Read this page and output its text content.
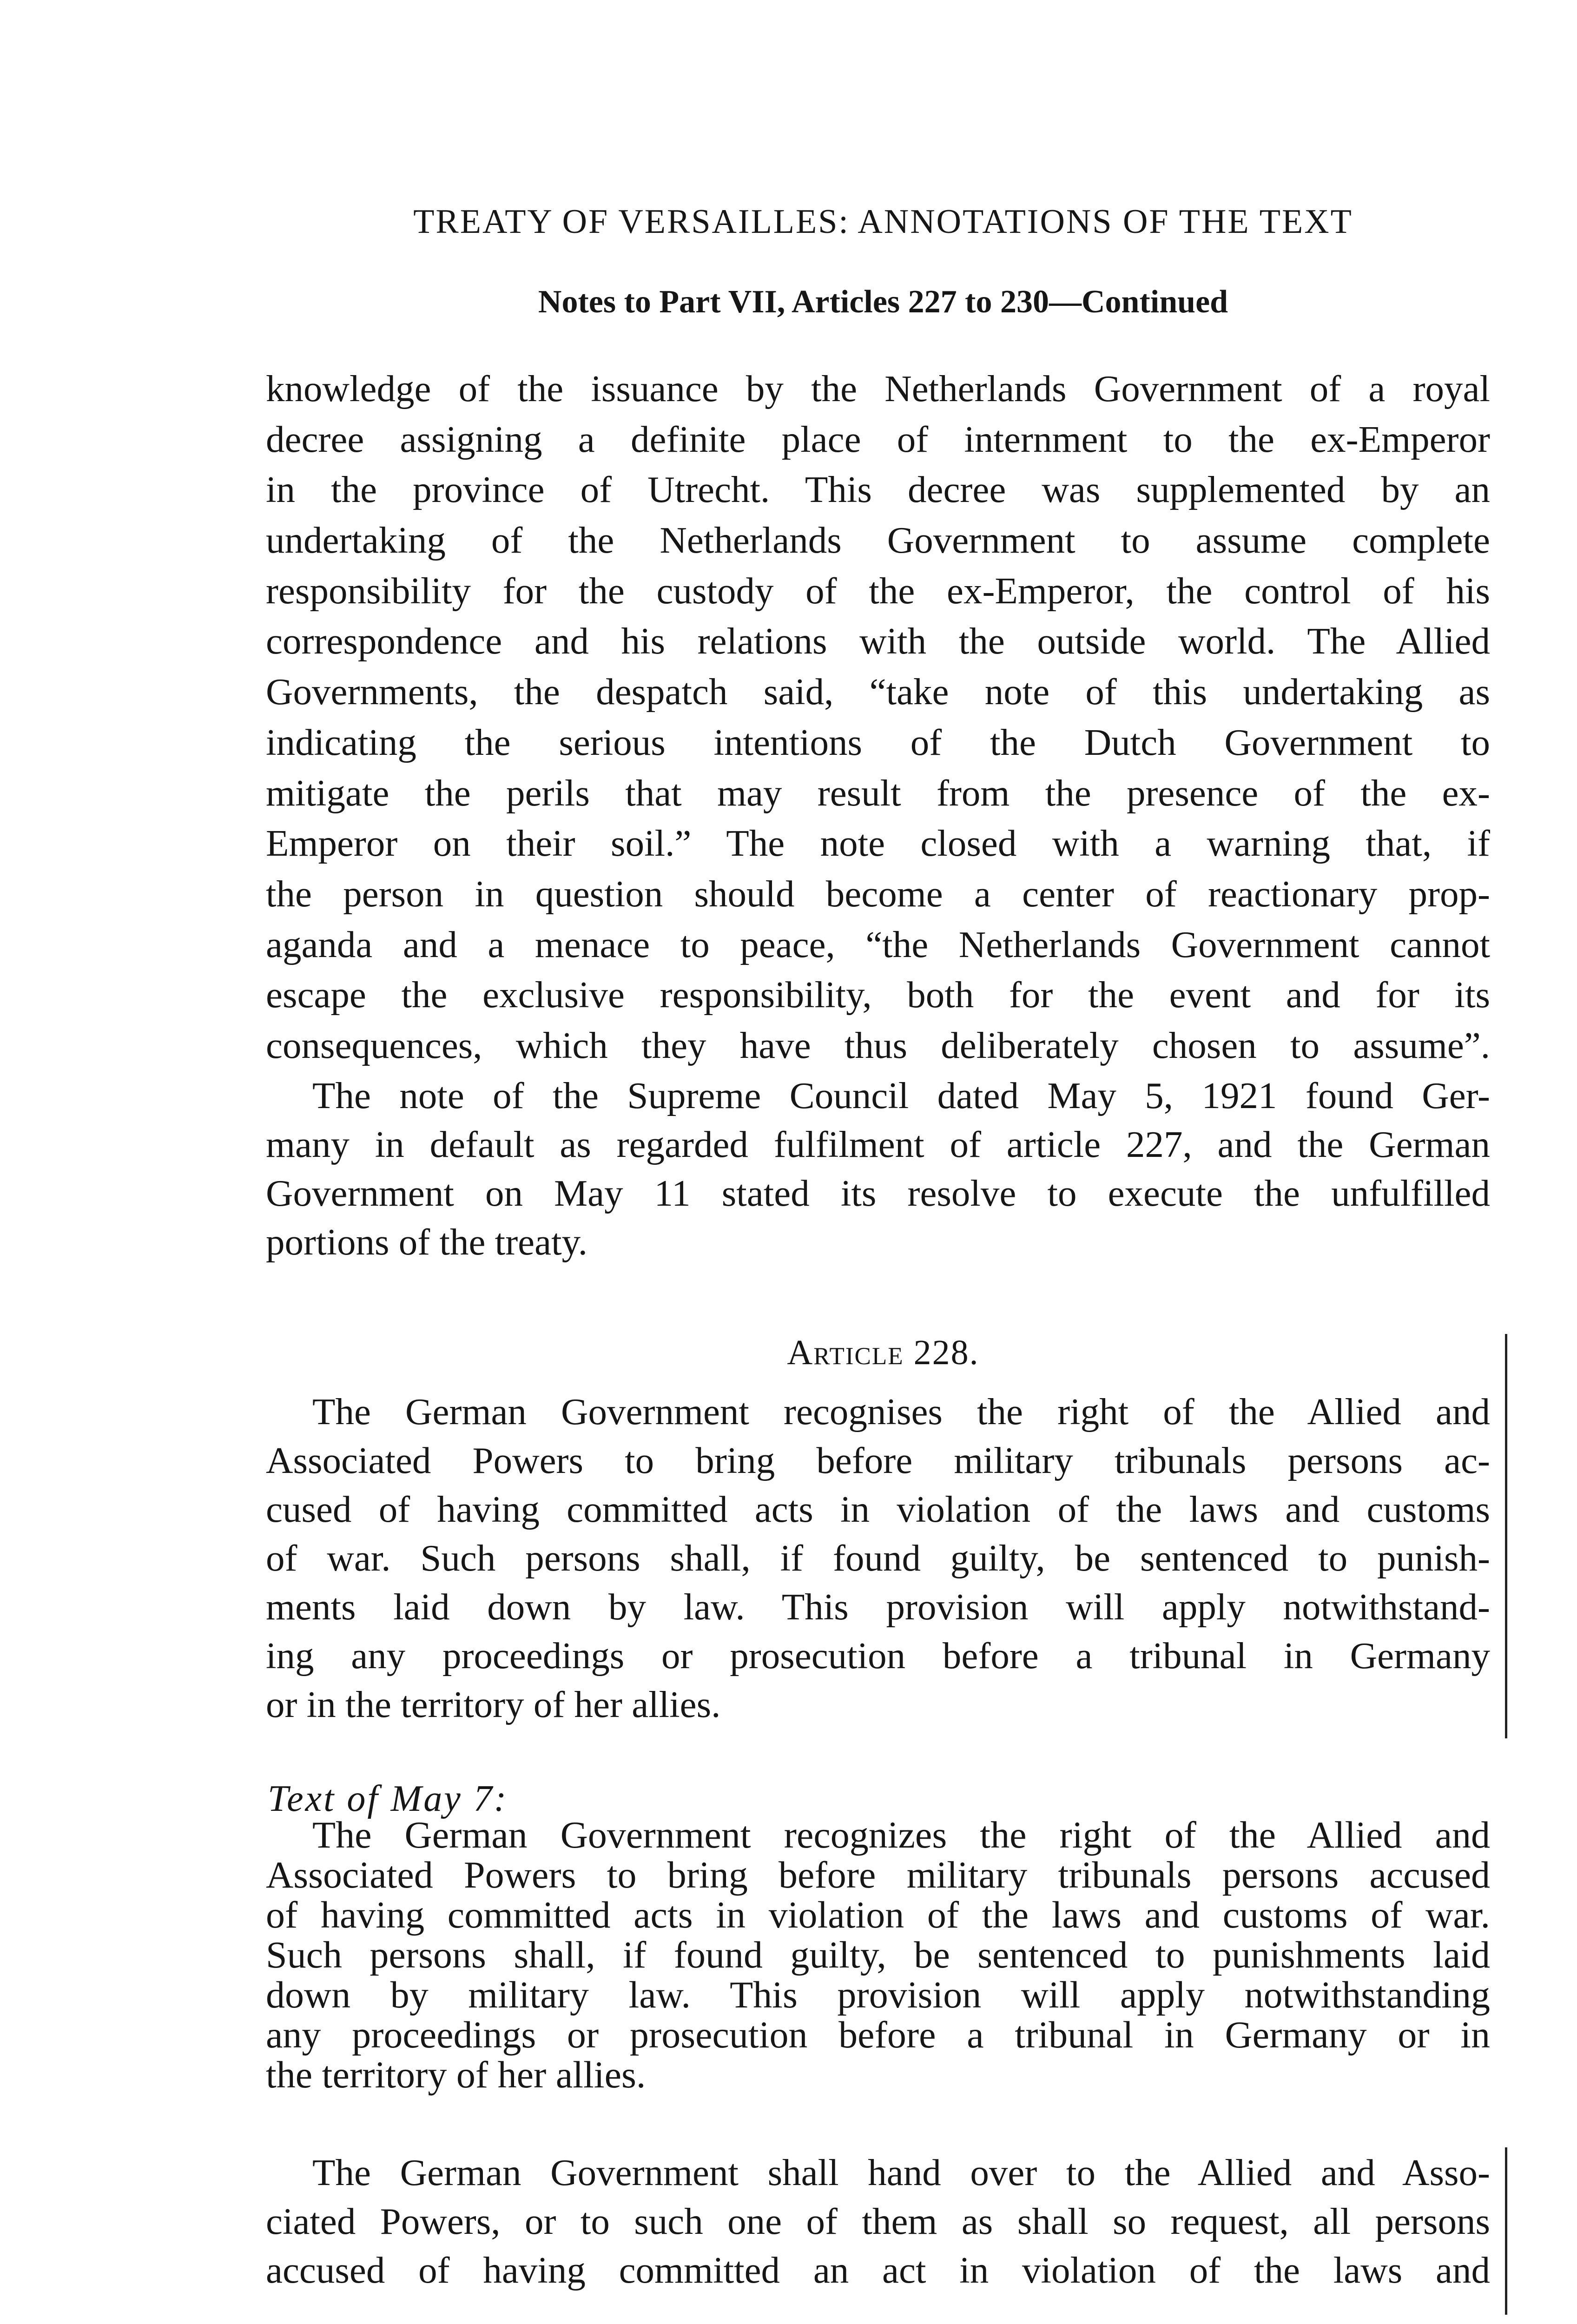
TREATY OF VERSAILLES: ANNOTATIONS OF THE TEXT
Notes to Part VII, Articles 227 to 230—Continued
knowledge of the issuance by the Netherlands Government of a royal
decree assigning a definite place of internment to the ex-Emperor
in the province of Utrecht. This decree was supplemented by an
undertaking of the Netherlands Government to assume complete
responsibility for the custody of the ex-Emperor, the control of his
correspondence and his relations with the outside world. The Allied
Governments, the despatch said, “take note of this undertaking as
indicating the serious intentions of the Dutch Government to
mitigate the perils that may result from the presence of the ex-
Emperor on their soil.” The note closed with a warning that, if
the person in question should become a center of reactionary prop-
aganda and a menace to peace, “the Netherlands Government cannot
escape the exclusive responsibility, both for the event and for its
consequences, which they have thus deliberately chosen to assume”.
The note of the Supreme Council dated May 5, 1921 found Ger-
many in default as regarded fulfilment of article 227, and the German
Government on May 11 stated its resolve to execute the unfulfilled
portions of the treaty.
Article 228.
The German Government recognises the right of the Allied and
Associated Powers to bring before military tribunals persons ac-
cused of having committed acts in violation of the laws and customs
of war. Such persons shall, if found guilty, be sentenced to punish-
ments laid down by law. This provision will apply notwithstand-
ing any proceedings or prosecution before a tribunal in Germany
or in the territory of her allies.
Text of May 7:
The German Government recognizes the right of the Allied and
Associated Powers to bring before military tribunals persons accused
of having committed acts in violation of the laws and customs of war.
Such persons shall, if found guilty, be sentenced to punishments laid
down by military law. This provision will apply notwithstanding
any proceedings or prosecution before a tribunal in Germany or in
the territory of her allies.
The German Government shall hand over to the Allied and Asso-
ciated Powers, or to such one of them as shall so request, all persons
accused of having committed an act in violation of the laws and
